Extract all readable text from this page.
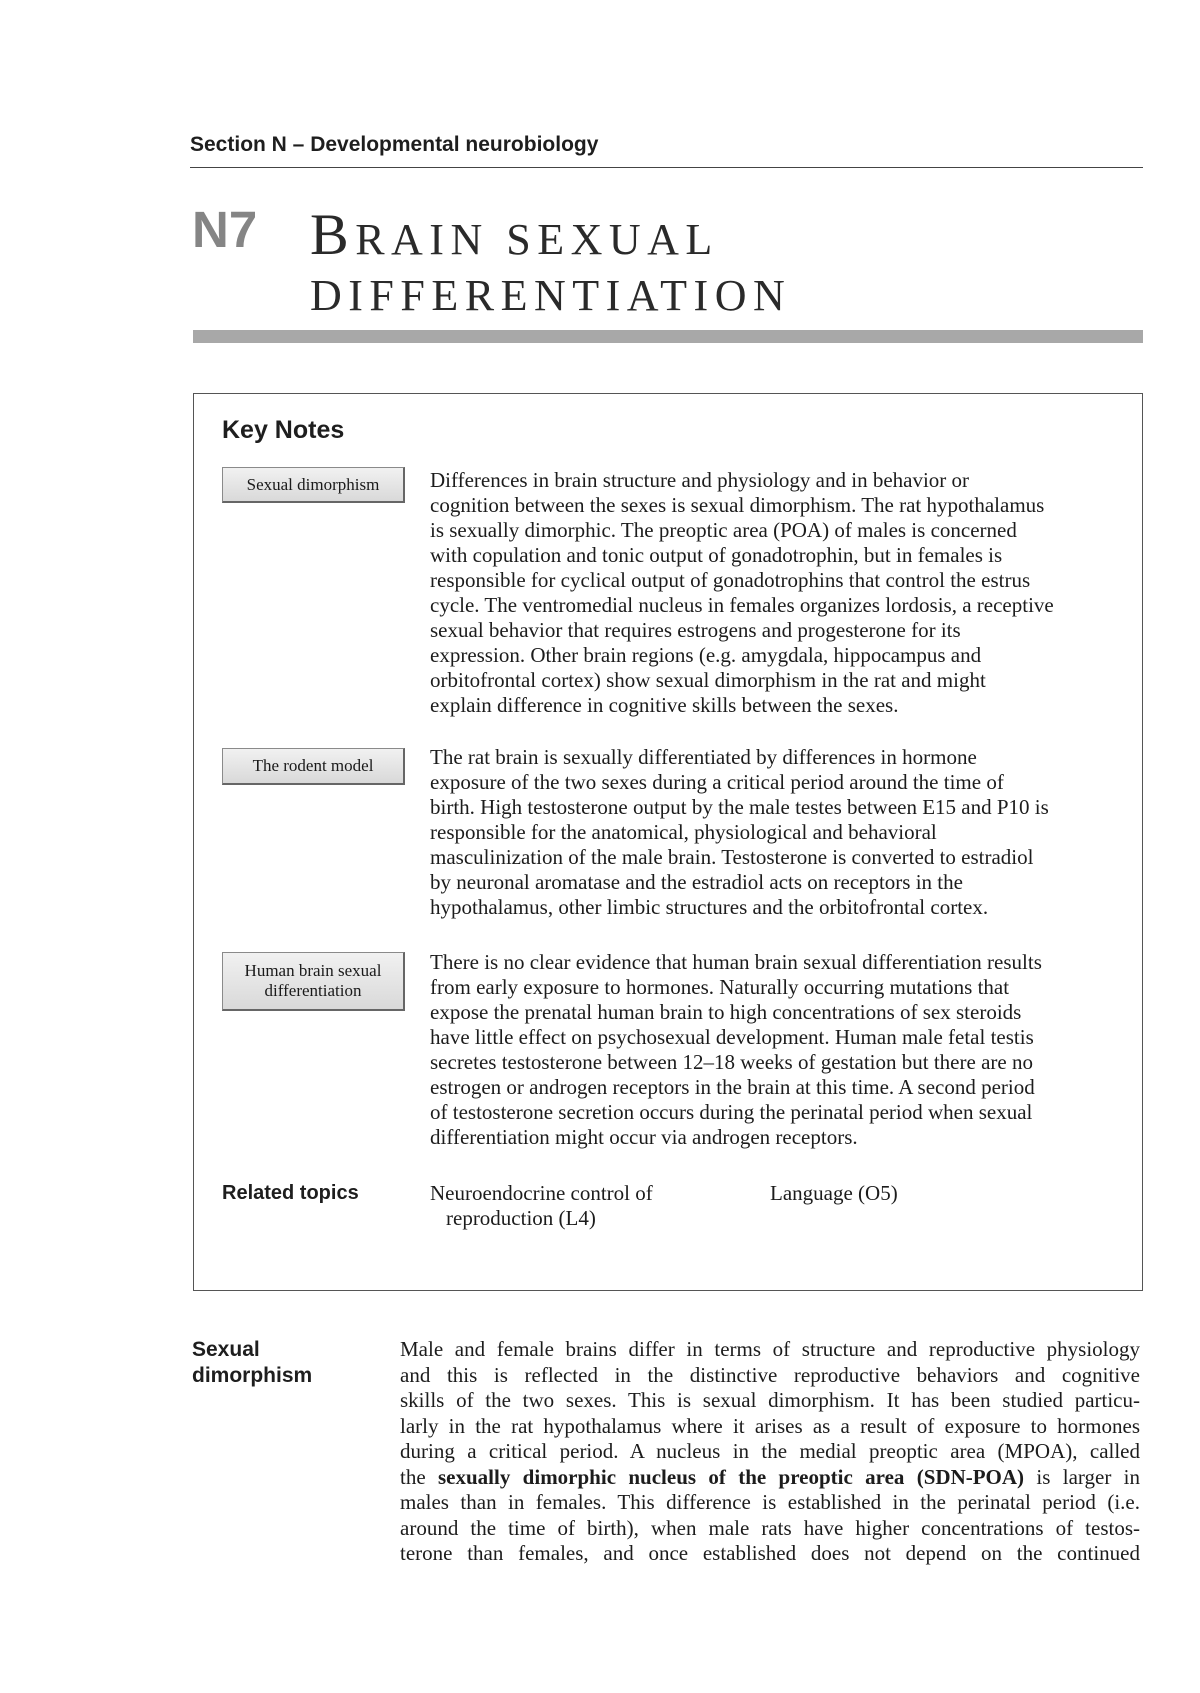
Section N – Developmental neurobiology
N7 BRAIN SEXUAL
DIFFERENTIATION
Key Notes
Sexual dimorphism Differences in brain structure and physiology and in behavior or
cognition between the sexes is sexual dimorphism. The rat hypothalamus
is sexually dimorphic. The preoptic area (POA) of males is concerned
with copulation and tonic output of gonadotrophin, but in females is
responsible for cyclical output of gonadotrophins that control the estrus
cycle. The ventromedial nucleus in females organizes lordosis, a receptive
sexual behavior that requires estrogens and progesterone for its
expression. Other brain regions (e.g. amygdala, hippocampus and
orbitofrontal cortex) show sexual dimorphism in the rat and might
explain difference in cognitive skills between the sexes.
The rodent model	The rat brain is sexually differentiated by differences in hormone
exposure of the two sexes during a critical period around the time of
birth. High testosterone output by the male testes between E15 and P10 is
responsible for the anatomical, physiological and behavioral
masculinization of the male brain. Testosterone is converted to estradiol
by neuronal aromatase and the estradiol acts on receptors in the
hypothalamus, other limbic structures and the orbitofrontal cortex.
Human brain sexual
differentiation
There is no clear evidence that human brain sexual differentiation results
from early exposure to hormones. Naturally occurring mutations that
expose the prenatal human brain to high concentrations of sex steroids
have little effect on psychosexual development. Human male fetal testis
secretes testosterone between 12–18 weeks of gestation but there are no
estrogen or androgen receptors in the brain at this time. A second period
of testosterone secretion occurs during the perinatal period when sexual
differentiation might occur via androgen receptors.
Related topics	Neuroendocrine control of
reproduction (L4)
Language (O5)
Sexual
dimorphism
Male and female brains differ in terms of structure and reproductive physiology
and this is reflected in the distinctive reproductive behaviors and cognitive
skills of the two sexes. This is sexual dimorphism. It has been studied particu-
larly in the rat hypothalamus where it arises as a result of exposure to hormones
during a critical period. A nucleus in the medial preoptic area (MPOA), called
the sexually dimorphic nucleus of the preoptic area (SDN-POA) is larger in
males than in females. This difference is established in the perinatal period (i.e.
around the time of birth), when male rats have higher concentrations of testos-
terone than females, and once established does not depend on the continued
